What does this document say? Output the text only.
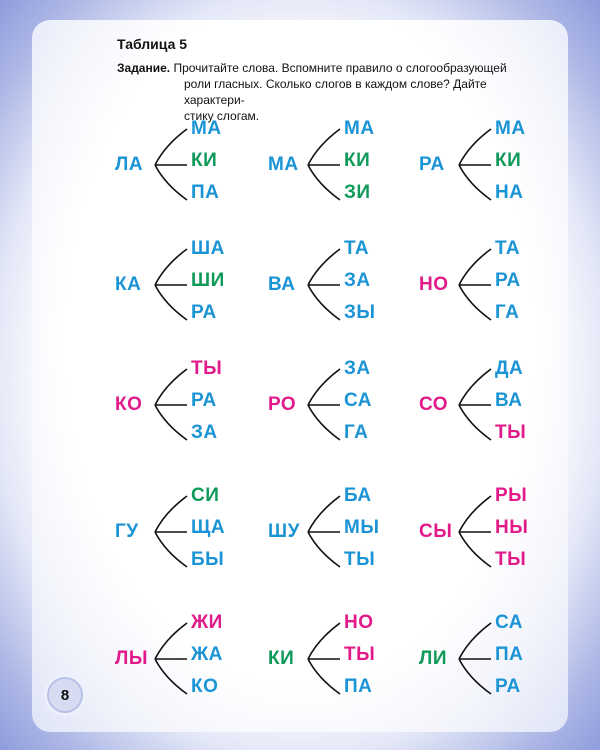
Таблица 5
Задание. Прочитайте слова. Вспомните правило о слогообразующей
роли гласных. Сколько слогов в каждом слове? Дайте характери-
стику слогам.
ЛА
МА
КИ
ПА
МА
МА
КИ
ЗИ
РА
МА
КИ
НА
КА
ША
ШИ
РА
ВА
ТА
ЗА
ЗЫ
НО
ТА
РА
ГА
КО
ТЫ
РА
ЗА
РО
ЗА
СА
ГА
СО
ДА
ВА
ТЫ
ГУ
СИ
ЩА
БЫ
ШУ
БА
МЫ
ТЫ
СЫ
РЫ
НЫ
ТЫ
ЛЫ
ЖИ
ЖА
КО
КИ
НО
ТЫ
ПА
ЛИ
СА
ПА
РА
8
